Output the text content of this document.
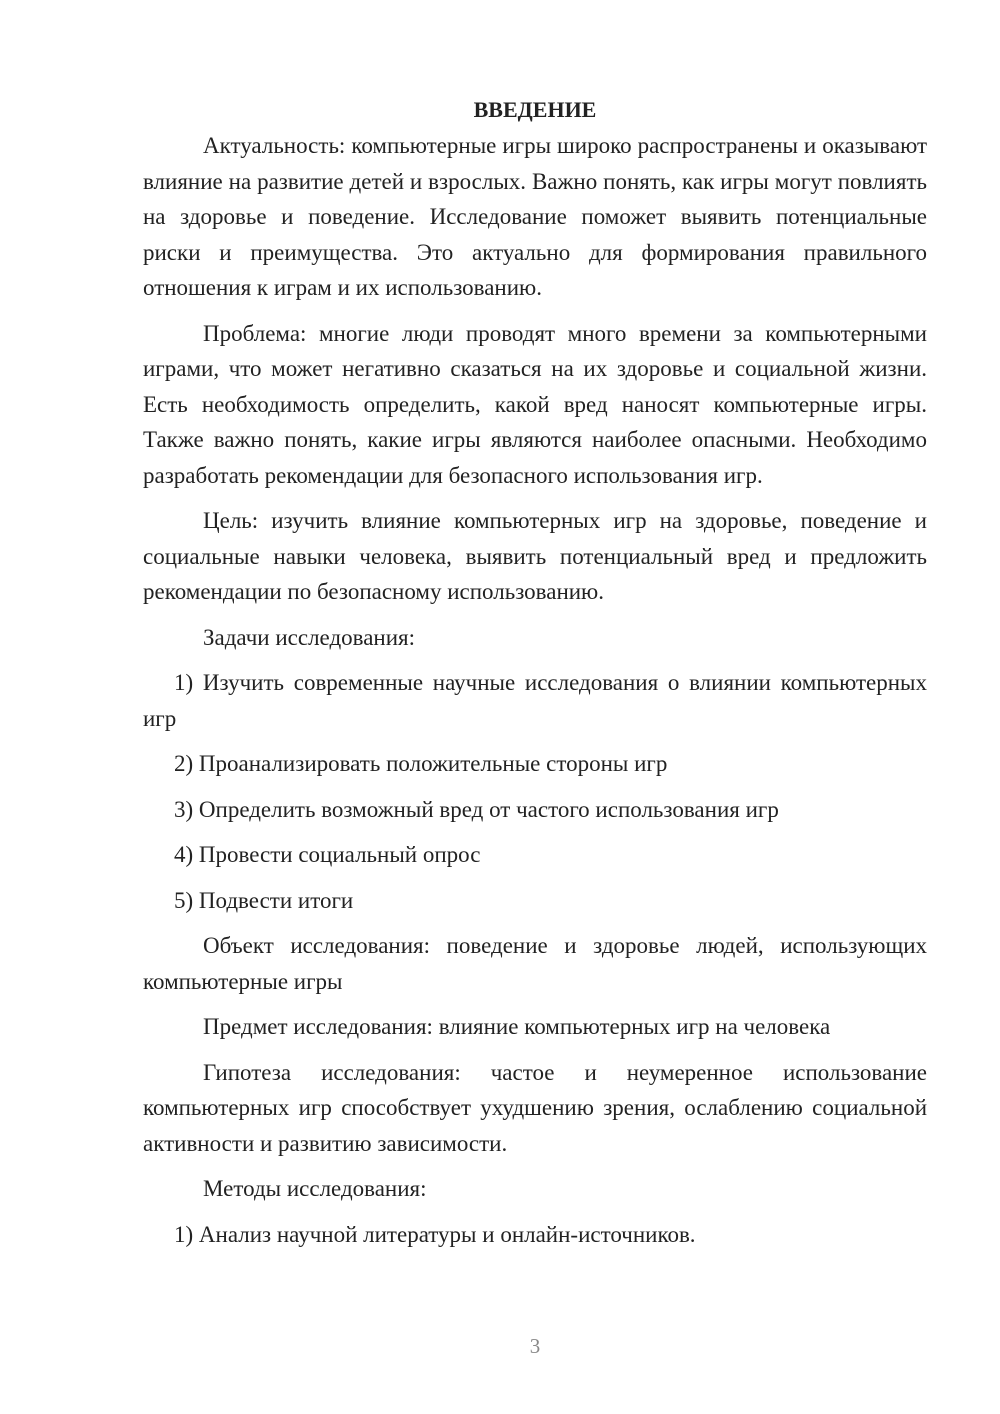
ВВЕДЕНИЕ

Актуальность: компьютерные игры широко распространены и оказывают влияние на развитие детей и взрослых. Важно понять, как игры могут повлиять на здоровье и поведение. Исследование поможет выявить потенциальные риски и преимущества. Это актуально для формирования правильного отношения к играм и их использованию.

Проблема: многие люди проводят много времени за компьютерными играми, что может негативно сказаться на их здоровье и социальной жизни. Есть необходимость определить, какой вред наносят компьютерные игры. Также важно понять, какие игры являются наиболее опасными. Необходимо разработать рекомендации для безопасного использования игр.

Цель: изучить влияние компьютерных игр на здоровье, поведение и социальные навыки человека, выявить потенциальный вред и предложить рекомендации по безопасному использованию.

Задачи исследования:

1) Изучить современные научные исследования о влиянии компьютерных игр

2) Проанализировать положительные стороны игр

3) Определить возможный вред от частого использования игр

4) Провести социальный опрос

5) Подвести итоги

Объект исследования: поведение и здоровье людей, использующих компьютерные игры

Предмет исследования: влияние компьютерных игр на человека

Гипотеза исследования: частое и неумеренное использование компьютерных игр способствует ухудшению зрения, ослаблению социальной активности и развитию зависимости.

Методы исследования:

1) Анализ научной литературы и онлайн-источников.

3
